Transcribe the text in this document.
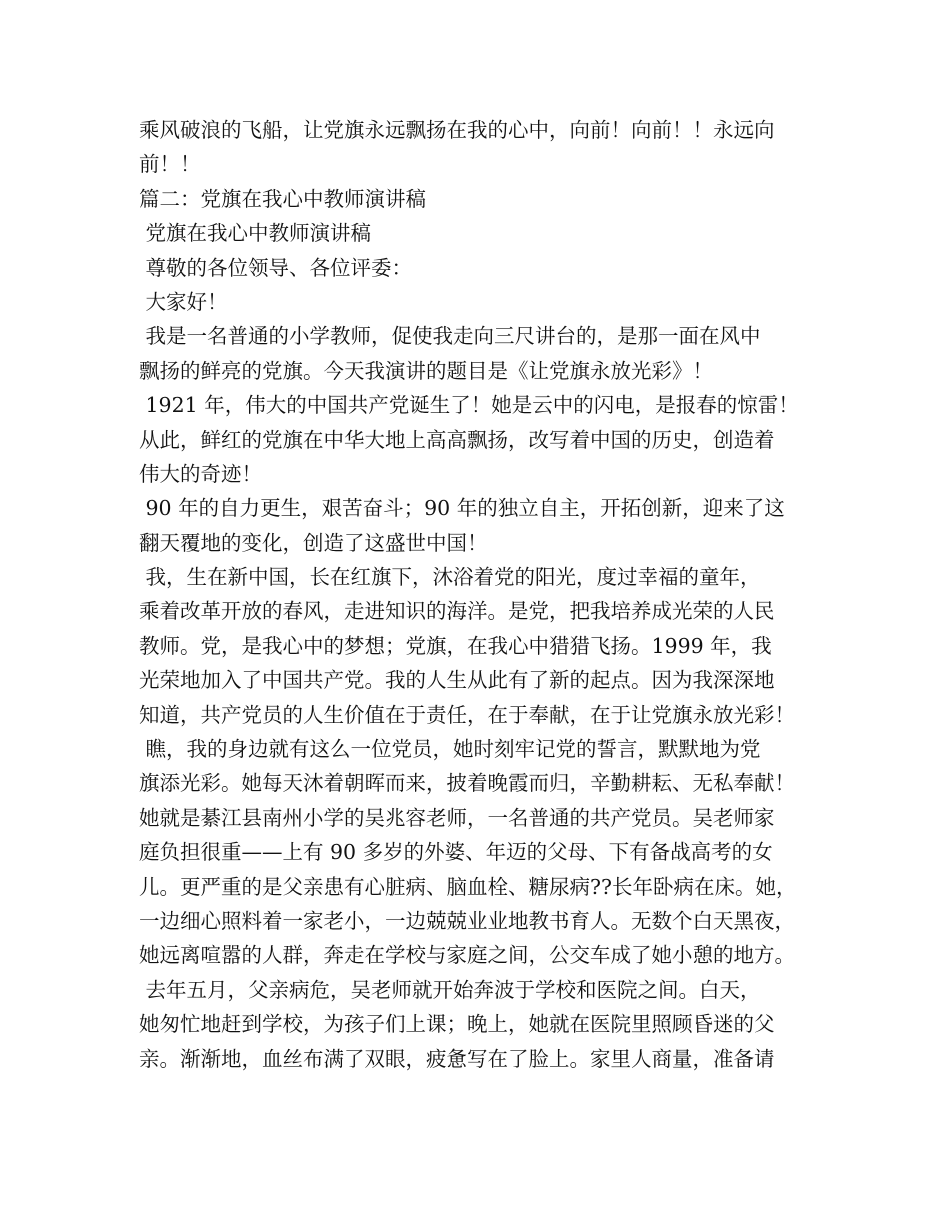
乘风破浪的飞船，让党旗永远飘扬在我的心中，向前！向前！！永远向
前！！
篇二：党旗在我心中教师演讲稿
党旗在我心中教师演讲稿
尊敬的各位领导、各位评委：
大家好！
我是一名普通的小学教师，促使我走向三尺讲台的，是那一面在风中
飘扬的鲜亮的党旗。今天我演讲的题目是《让党旗永放光彩》！
1921 年，伟大的中国共产党诞生了！她是云中的闪电，是报春的惊雷！
从此，鲜红的党旗在中华大地上高高飘扬，改写着中国的历史，创造着
伟大的奇迹！
90 年的自力更生，艰苦奋斗；90 年的独立自主，开拓创新，迎来了这
翻天覆地的变化，创造了这盛世中国！
我，生在新中国，长在红旗下，沐浴着党的阳光，度过幸福的童年，
乘着改革开放的春风，走进知识的海洋。是党，把我培养成光荣的人民
教师。党，是我心中的梦想；党旗，在我心中猎猎飞扬。1999 年，我
光荣地加入了中国共产党。我的人生从此有了新的起点。因为我深深地
知道，共产党员的人生价值在于责任，在于奉献，在于让党旗永放光彩！
瞧，我的身边就有这么一位党员，她时刻牢记党的誓言，默默地为党
旗添光彩。她每天沐着朝晖而来，披着晚霞而归，辛勤耕耘、无私奉献！
她就是綦江县南州小学的吴兆容老师，一名普通的共产党员。吴老师家
庭负担很重——上有 90 多岁的外婆、年迈的父母、下有备战高考的女
儿。更严重的是父亲患有心脏病、脑血栓、糖尿病??长年卧病在床。她，
一边细心照料着一家老小，一边兢兢业业地教书育人。无数个白天黑夜，
她远离喧嚣的人群，奔走在学校与家庭之间，公交车成了她小憩的地方。
去年五月，父亲病危，吴老师就开始奔波于学校和医院之间。白天，
她匆忙地赶到学校，为孩子们上课；晚上，她就在医院里照顾昏迷的父
亲。渐渐地，血丝布满了双眼，疲惫写在了脸上。家里人商量，准备请
